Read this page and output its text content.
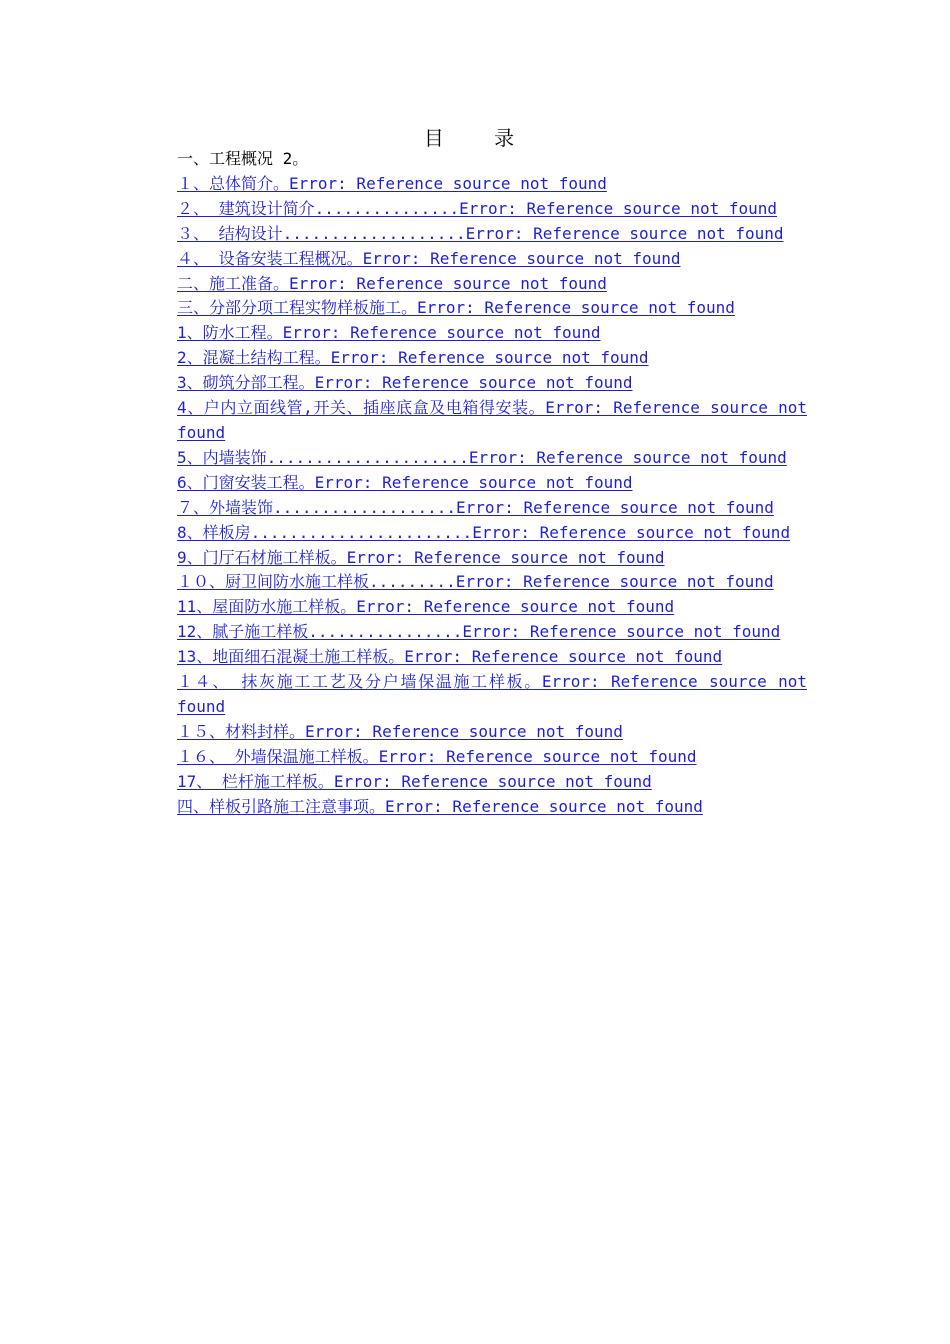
目 录
一、工程概况 2。
１、总体简介。Error: Reference source not found
２、 建筑设计简介...............Error: Reference source not found
３、 结构设计...................Error: Reference source not found
４、 设备安装工程概况。Error: Reference source not found
二、施工准备。Error: Reference source not found
三、分部分项工程实物样板施工。Error: Reference source not found
1、防水工程。Error: Reference source not found
2、混凝土结构工程。Error: Reference source not found
3、砌筑分部工程。Error: Reference source not found
4、户内立面线管,开关、插座底盒及电箱得安装。Error: Reference source not found
5、内墙装饰.....................Error: Reference source not found
6、门窗安装工程。Error: Reference source not found
７、外墙装饰...................Error: Reference source not found
8、样板房.......................Error: Reference source not found
9、门厅石材施工样板。Error: Reference source not found
１０、厨卫间防水施工样板.........Error: Reference source not found
11、屋面防水施工样板。Error: Reference source not found
12、腻子施工样板................Error: Reference source not found
13、地面细石混凝土施工样板。Error: Reference source not found
１４、 抹灰施工工艺及分户墙保温施工样板。Error: Reference source not found
１５、材料封样。Error: Reference source not found
１６、 外墙保温施工样板。Error: Reference source not found
17、 栏杆施工样板。Error: Reference source not found
四、样板引路施工注意事项。Error: Reference source not found
